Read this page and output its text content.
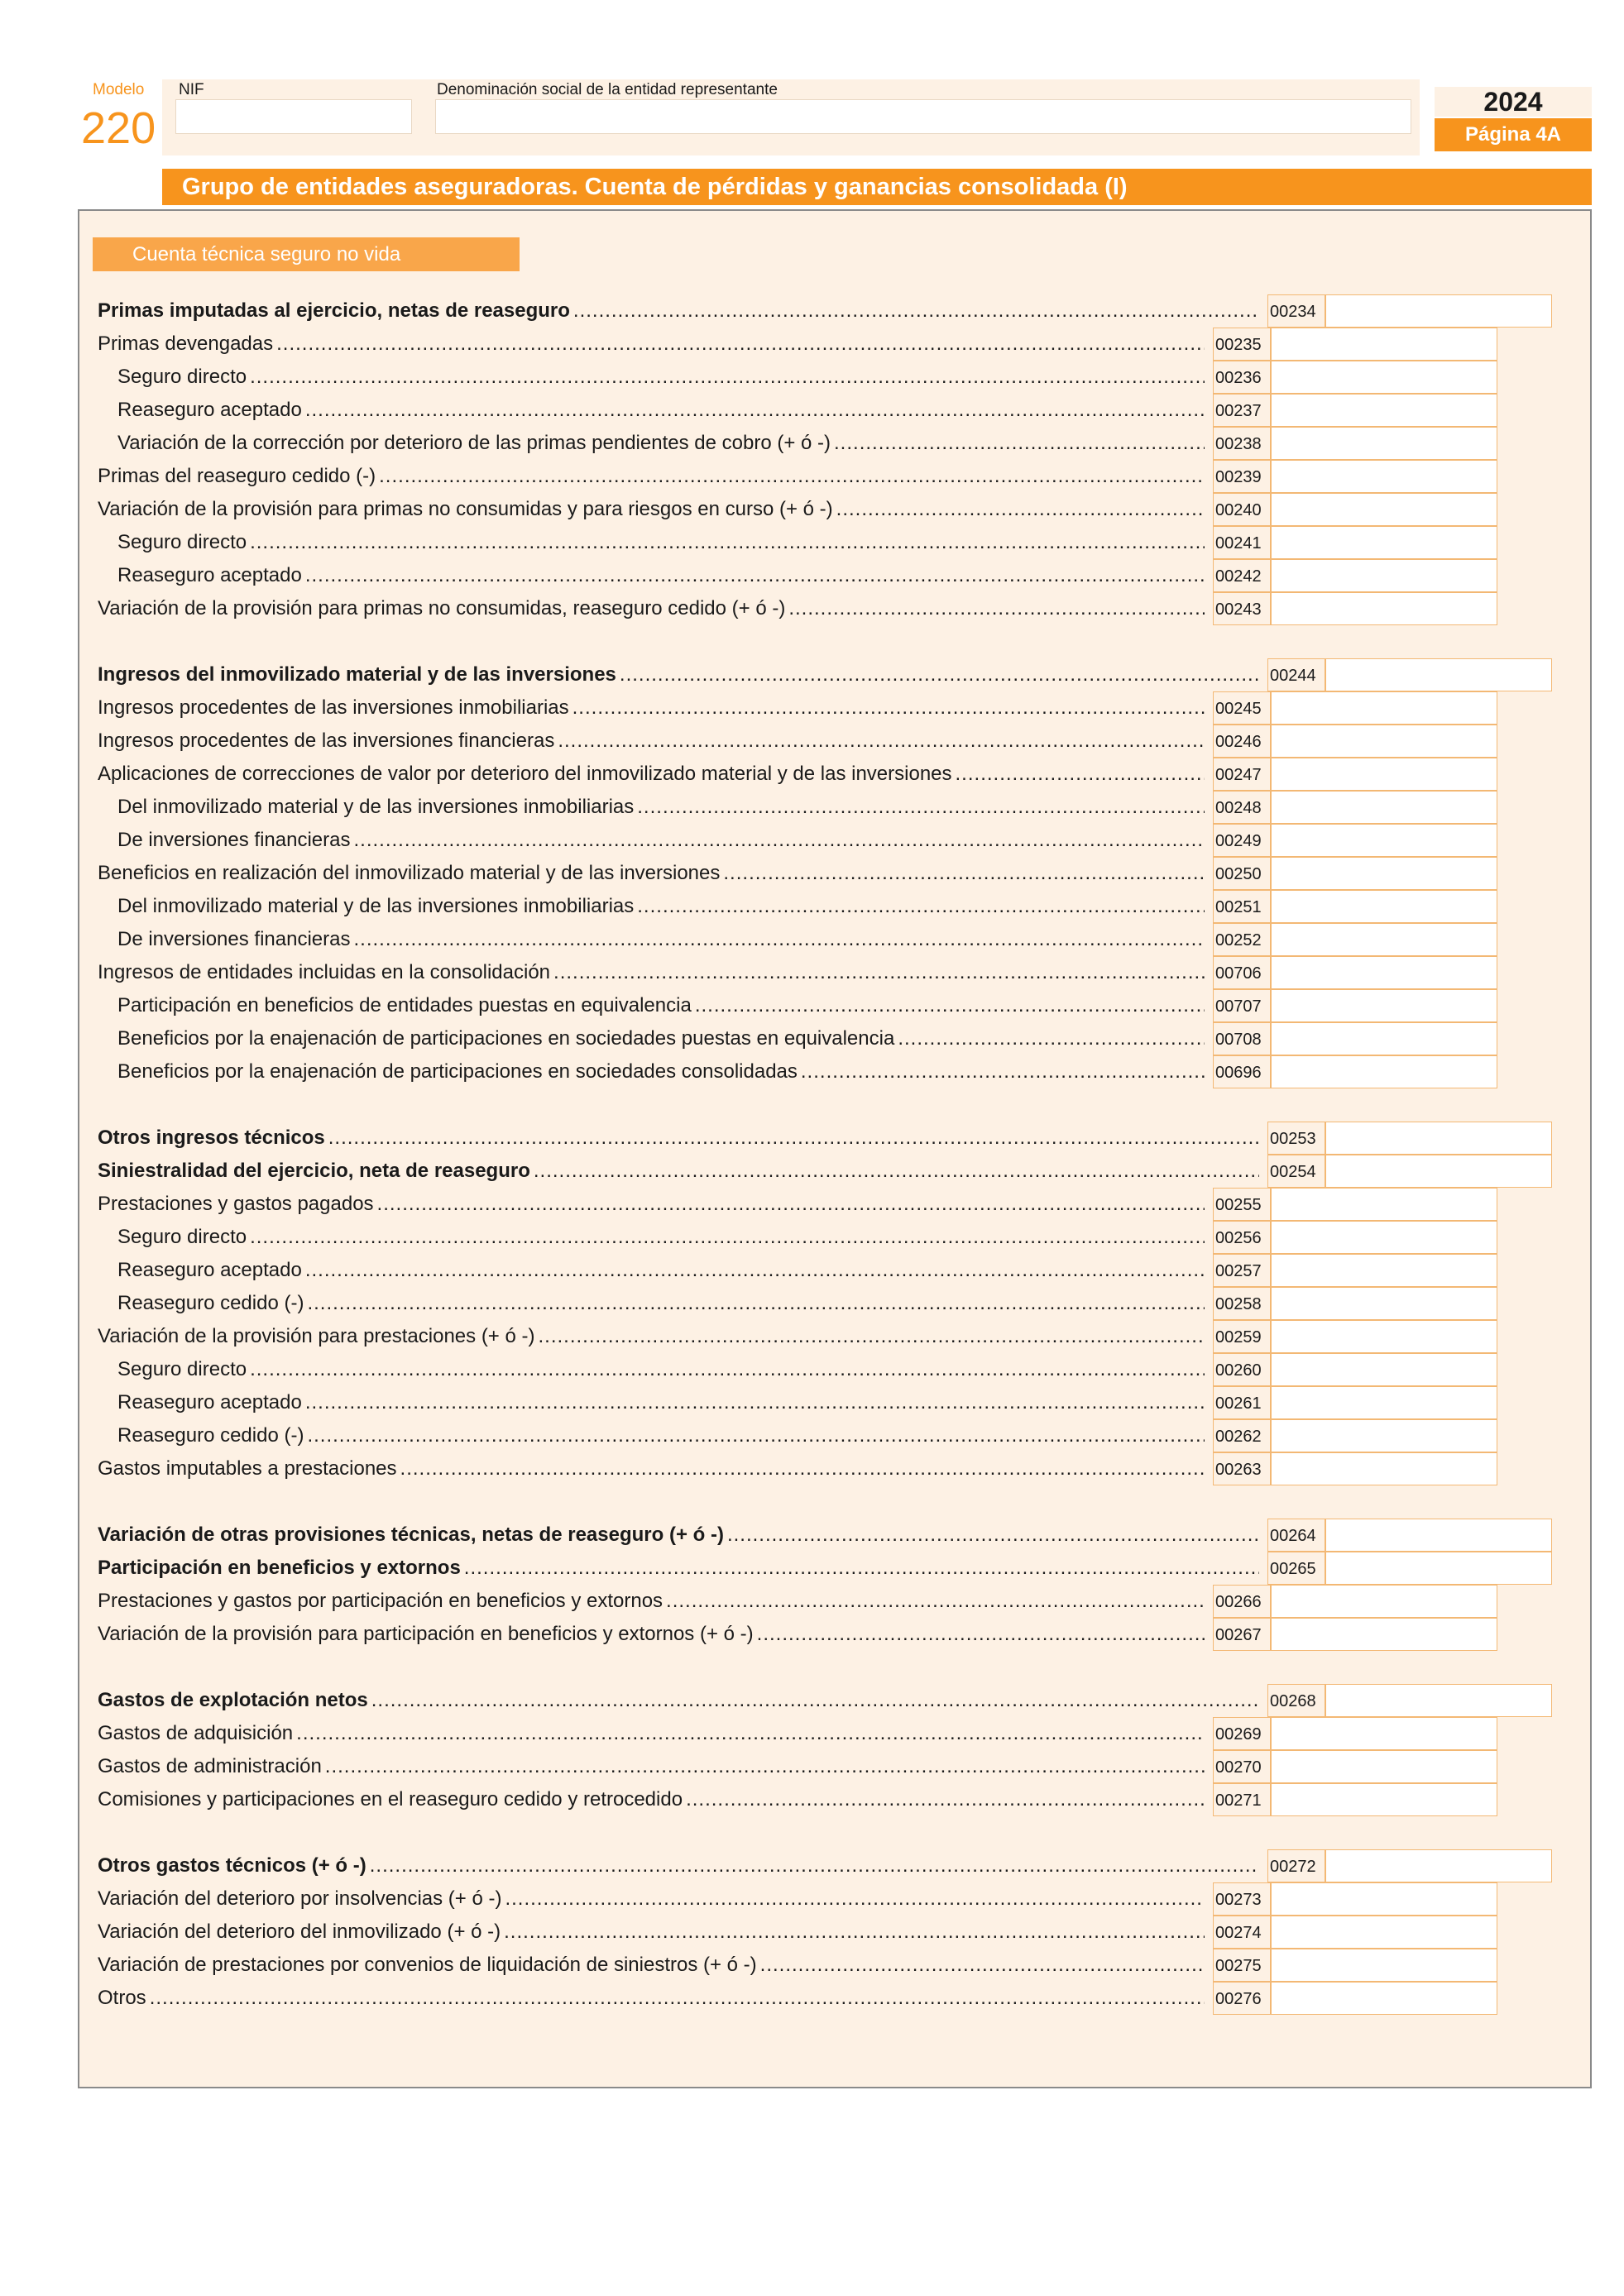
Modelo
220
NIF	Denominación social de la entidad representante	2024
Página 4A
Grupo de entidades aseguradoras. Cuenta de pérdidas y ganancias consolidada (I)
Cuenta técnica seguro no vida
Primas imputadas al ejercicio, netas de reaseguro .....	00234
Primas devengadas .....	00235
Seguro directo .....	00236
Reaseguro aceptado .....	00237
Variación de la corrección por deterioro de las primas pendientes de cobro (+ ó -) .....	00238
Primas del reaseguro cedido (-) .....	00239
Variación de la provisión para primas no consumidas y para riesgos en curso (+ ó -) .....	00240
Seguro directo .....	00241
Reaseguro aceptado .....	00242
Variación de la provisión para primas no consumidas, reaseguro cedido (+ ó -) .....	00243
Ingresos del inmovilizado material y de las inversiones .....	00244
Ingresos procedentes de las inversiones inmobiliarias .....	00245
Ingresos procedentes de las inversiones financieras .....	00246
Aplicaciones de correcciones de valor por deterioro del inmovilizado material y de las inversiones .....	00247
Del inmovilizado material y de las inversiones inmobiliarias .....	00248
De inversiones financieras .....	00249
Beneficios en realización del inmovilizado material y de las inversiones .....	00250
Del inmovilizado material y de las inversiones inmobiliarias .....	00251
De inversiones financieras .....	00252
Ingresos de entidades incluidas en la consolidación .....	00706
Participación en beneficios de entidades puestas en equivalencia .....	00707
Beneficios por la enajenación de participaciones en sociedades puestas en equivalencia .....	00708
Beneficios por la enajenación de participaciones en sociedades consolidadas .....	00696
Otros ingresos técnicos .....	00253
Siniestralidad del ejercicio, neta de reaseguro .....	00254
Prestaciones y gastos pagados .....	00255
Seguro directo .....	00256
Reaseguro aceptado .....	00257
Reaseguro cedido (-) .....	00258
Variación de la provisión para prestaciones (+ ó -) .....	00259
Seguro directo .....	00260
Reaseguro aceptado .....	00261
Reaseguro cedido (-) .....	00262
Gastos imputables a prestaciones .....	00263
Variación de otras provisiones técnicas, netas de reaseguro (+ ó -) .....	00264
Participación en beneficios y extornos .....	00265
Prestaciones y gastos por participación en beneficios y extornos .....	00266
Variación de la provisión para participación en beneficios y extornos (+ ó -) .....	00267
Gastos de explotación netos .....	00268
Gastos de adquisición .....	00269
Gastos de administración .....	00270
Comisiones y participaciones en el reaseguro cedido y retrocedido .....	00271
Otros gastos técnicos (+ ó -) .....	00272
Variación del deterioro por insolvencias (+ ó -) .....	00273
Variación del deterioro del inmovilizado (+ ó -) .....	00274
Variación de prestaciones por convenios de liquidación de siniestros (+ ó -) .....	00275
Otros .....	00276
